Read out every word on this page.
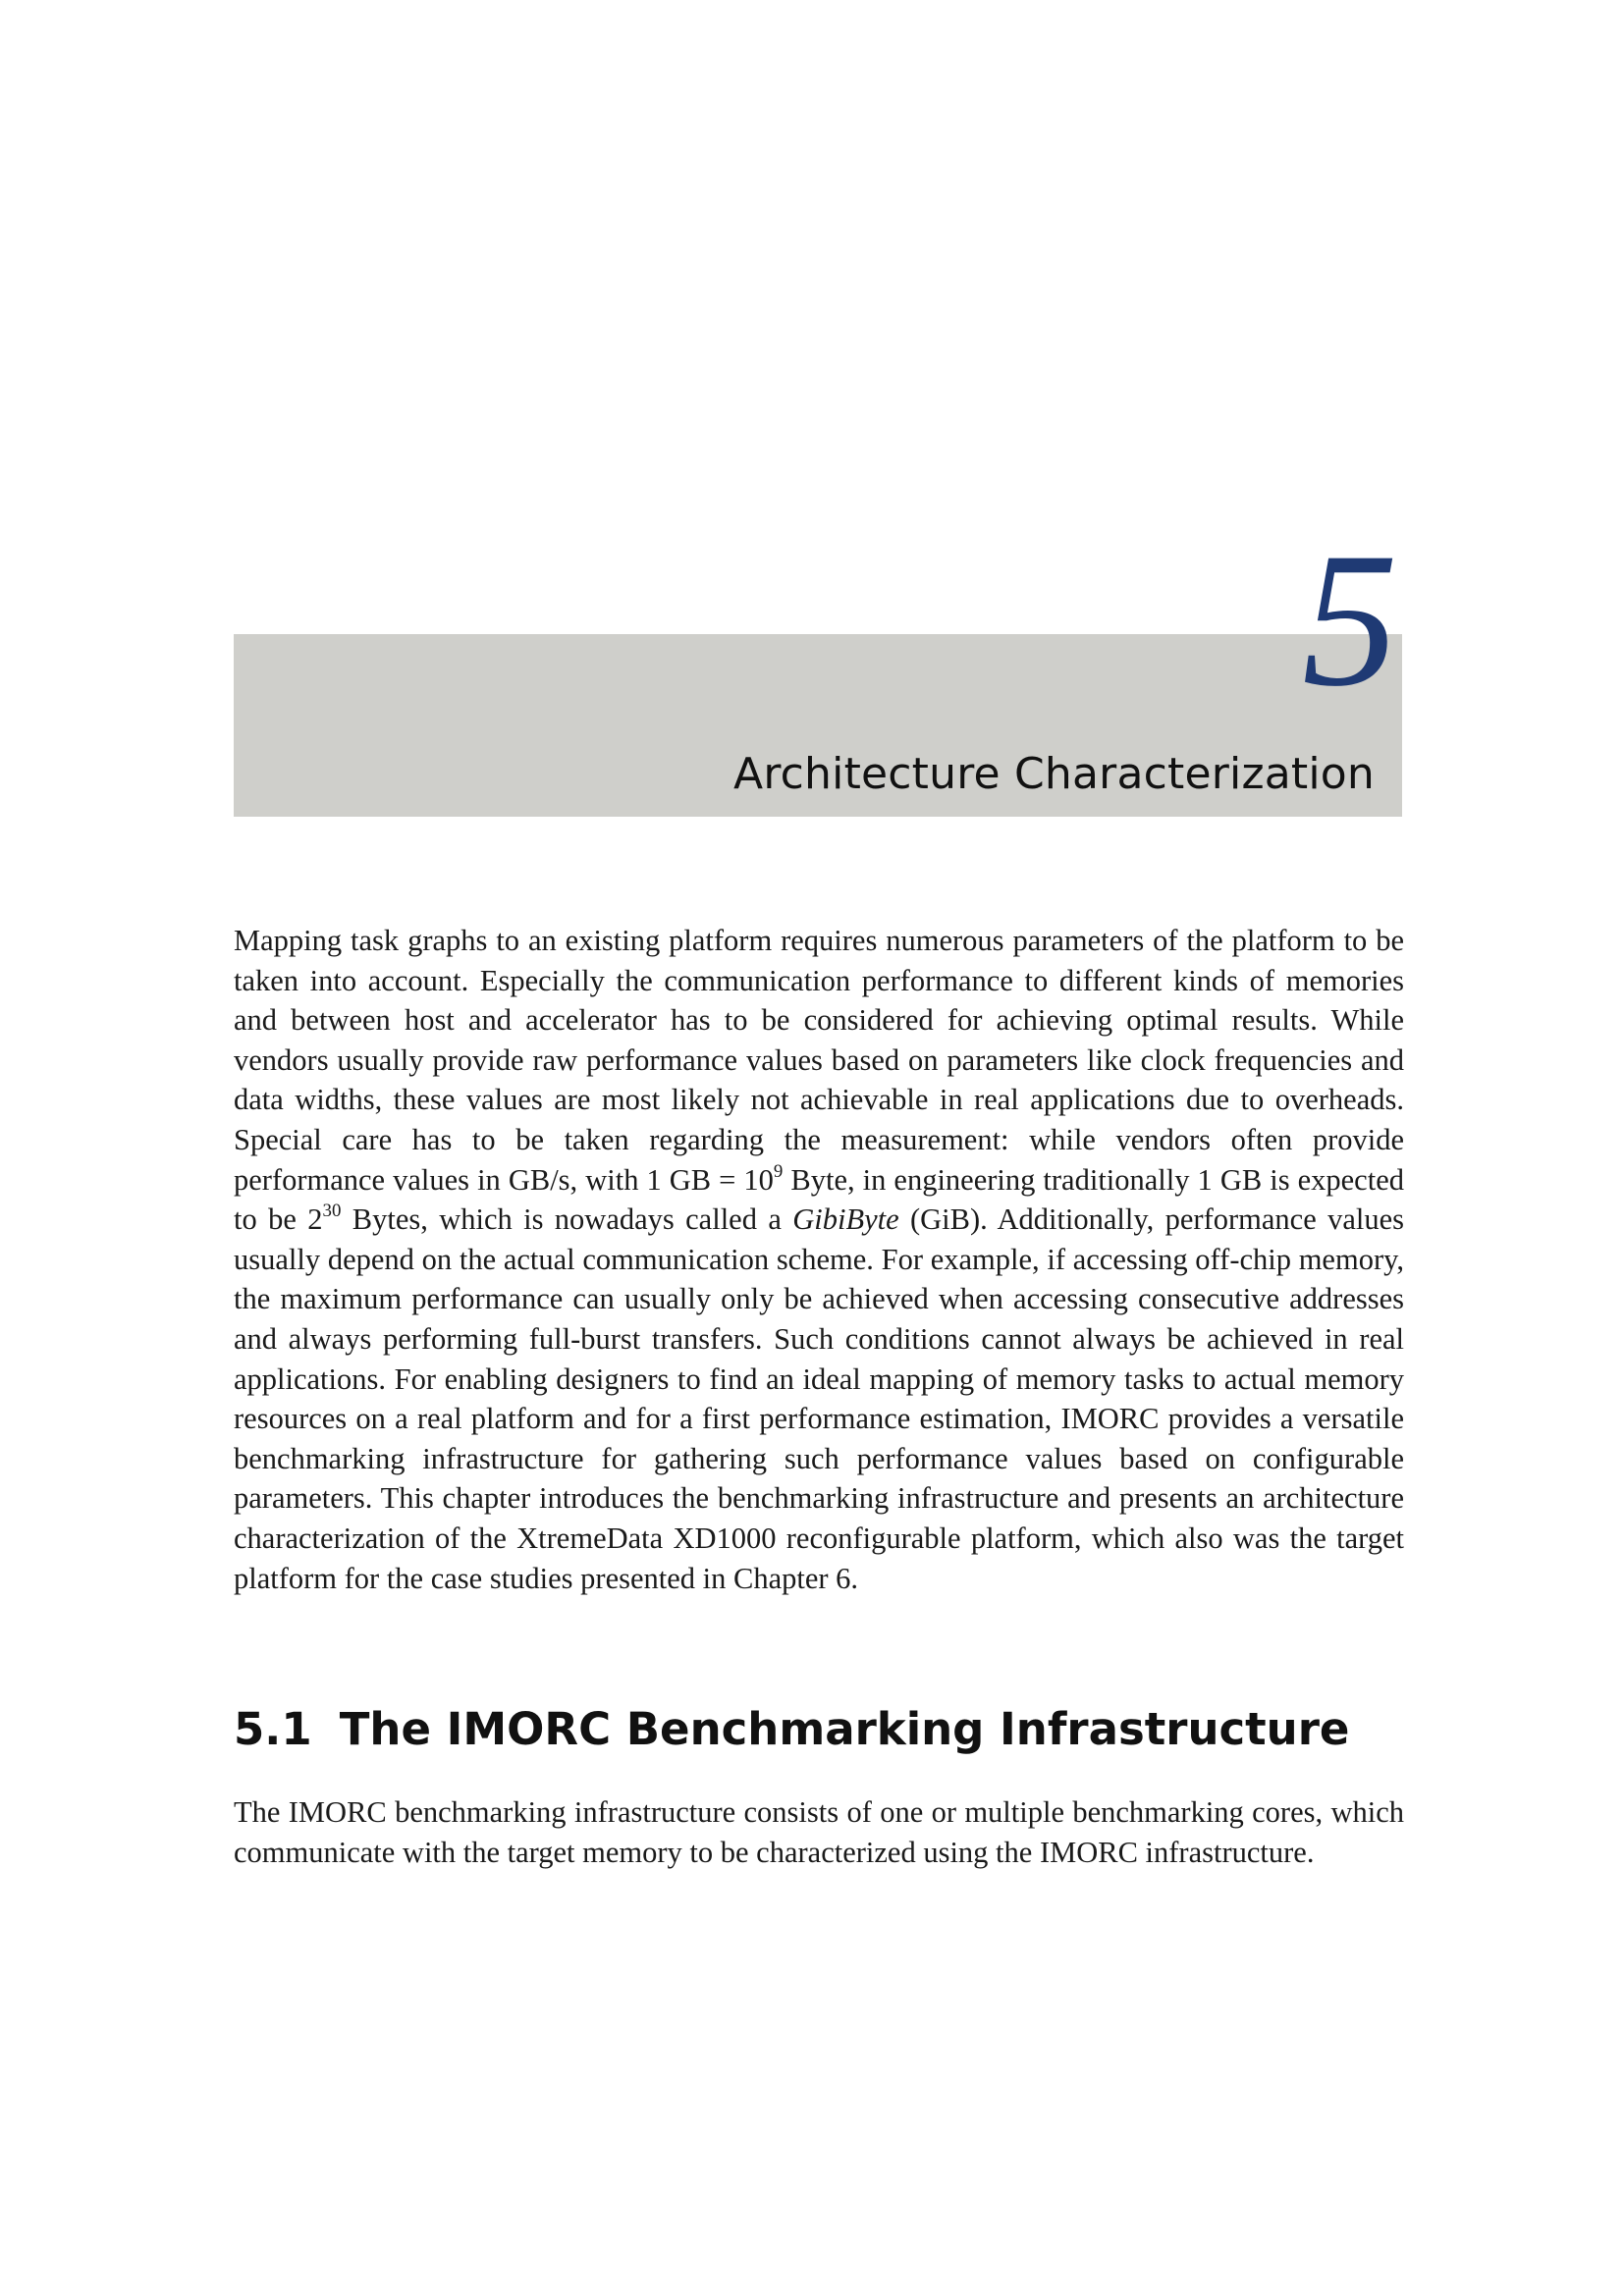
5
Architecture Characterization

Mapping task graphs to an existing platform requires numerous parameters of the platform to be taken into account. Especially the communication performance to different kinds of memories and between host and accelerator has to be considered for achieving optimal results. While vendors usually provide raw performance values based on parameters like clock frequencies and data widths, these values are most likely not achievable in real applications due to overheads. Special care has to be taken regarding the measurement: while vendors often provide performance values in GB/s, with 1 GB = $10^9$ Byte, in engineering traditionally 1 GB is expected to be $2^{30}$ Bytes, which is nowadays called a GibiByte (GiB). Additionally, performance values usually depend on the actual communication scheme. For example, if accessing off-chip memory, the maximum performance can usually only be achieved when accessing consecutive addresses and always performing full-burst transfers. Such conditions cannot always be achieved in real applications. For enabling designers to find an ideal mapping of memory tasks to actual memory resources on a real platform and for a first performance estimation, IMORC provides a versatile benchmarking infrastructure for gathering such performance values based on configurable parameters. This chapter introduces the benchmarking infrastructure and presents an architecture characterization of the XtremeData XD1000 reconfigurable platform, which also was the target platform for the case studies presented in Chapter 6.

5.1 The IMORC Benchmarking Infrastructure

The IMORC benchmarking infrastructure consists of one or multiple benchmarking cores, which communicate with the target memory to be characterized using the IMORC infrastructure.
